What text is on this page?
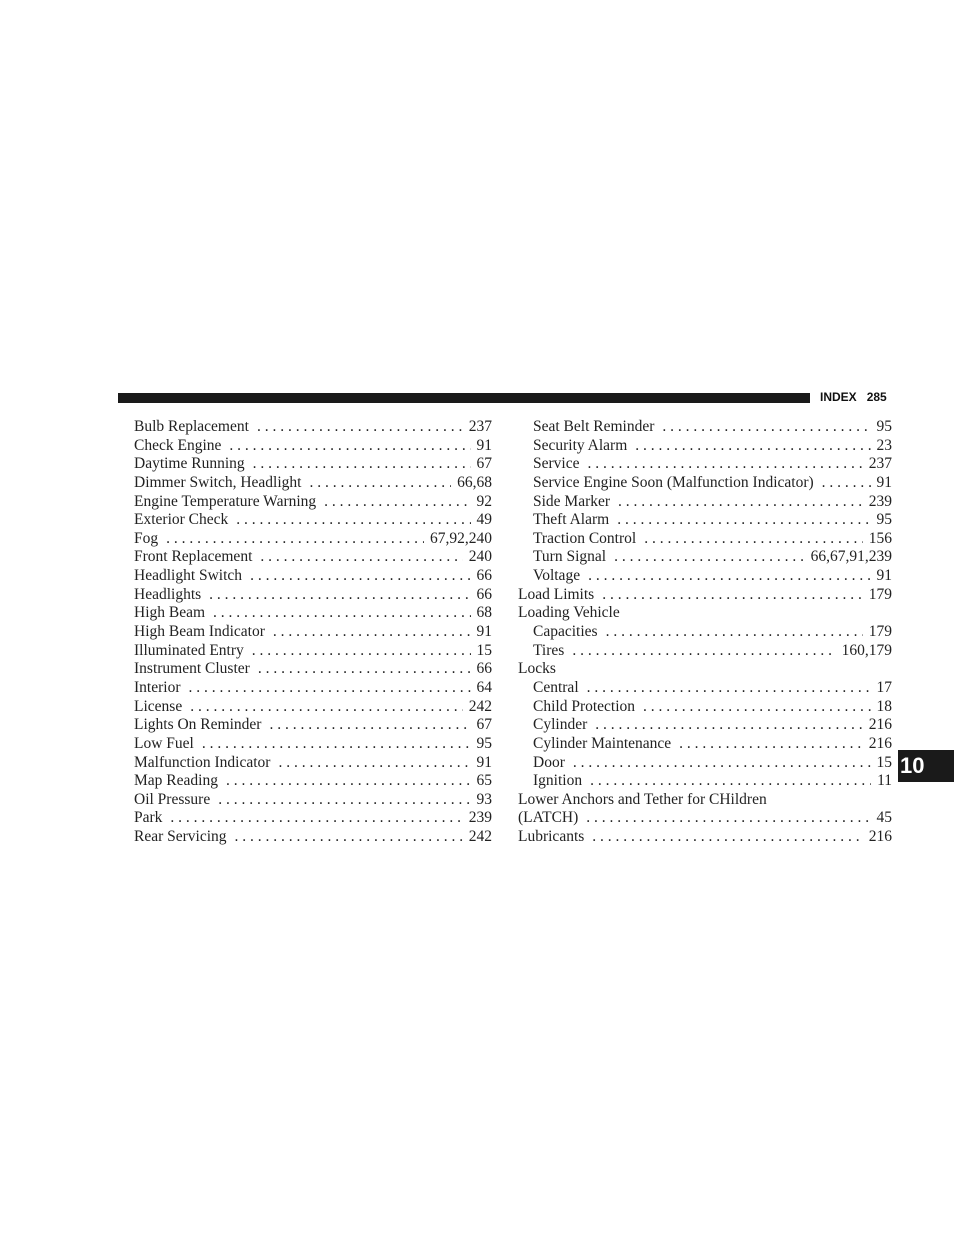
INDEX 285
Bulb Replacement . . .	237
Check Engine . . .	91
Daytime Running . . .	67
Dimmer Switch, Headlight . . .	66,68
Engine Temperature Warning . . .	92
Exterior Check . . .	49
Fog . . .	67,92,240
Front Replacement . . .	240
Headlight Switch . . .	66
Headlights . . .	66
High Beam . . .	68
High Beam Indicator . . .	91
Illuminated Entry . . .	15
Instrument Cluster . . .	66
Interior . . .	64
License . . .	242
Lights On Reminder . . .	67
Low Fuel . . .	95
Malfunction Indicator . . .	91
Map Reading . . .	65
Oil Pressure . . .	93
Park . . .	239
Rear Servicing . . .	242
Seat Belt Reminder . . .	95
Security Alarm . . .	23
Service . . .	237
Service Engine Soon (Malfunction Indicator) . . .	91
Side Marker . . .	239
Theft Alarm . . .	95
Traction Control . . .	156
Turn Signal . . .	66,67,91,239
Voltage . . .	91
Load Limits . . .	179
Loading Vehicle
Capacities . . .	179
Tires . . .	160,179
Locks
Central . . .	17
Child Protection . . .	18
Cylinder . . .	216
Cylinder Maintenance . . .	216
Door . . .	15
Ignition . . .	11
Lower Anchors and Tether for CHildren
(LATCH) . . .	45
Lubricants . . .	216
10
